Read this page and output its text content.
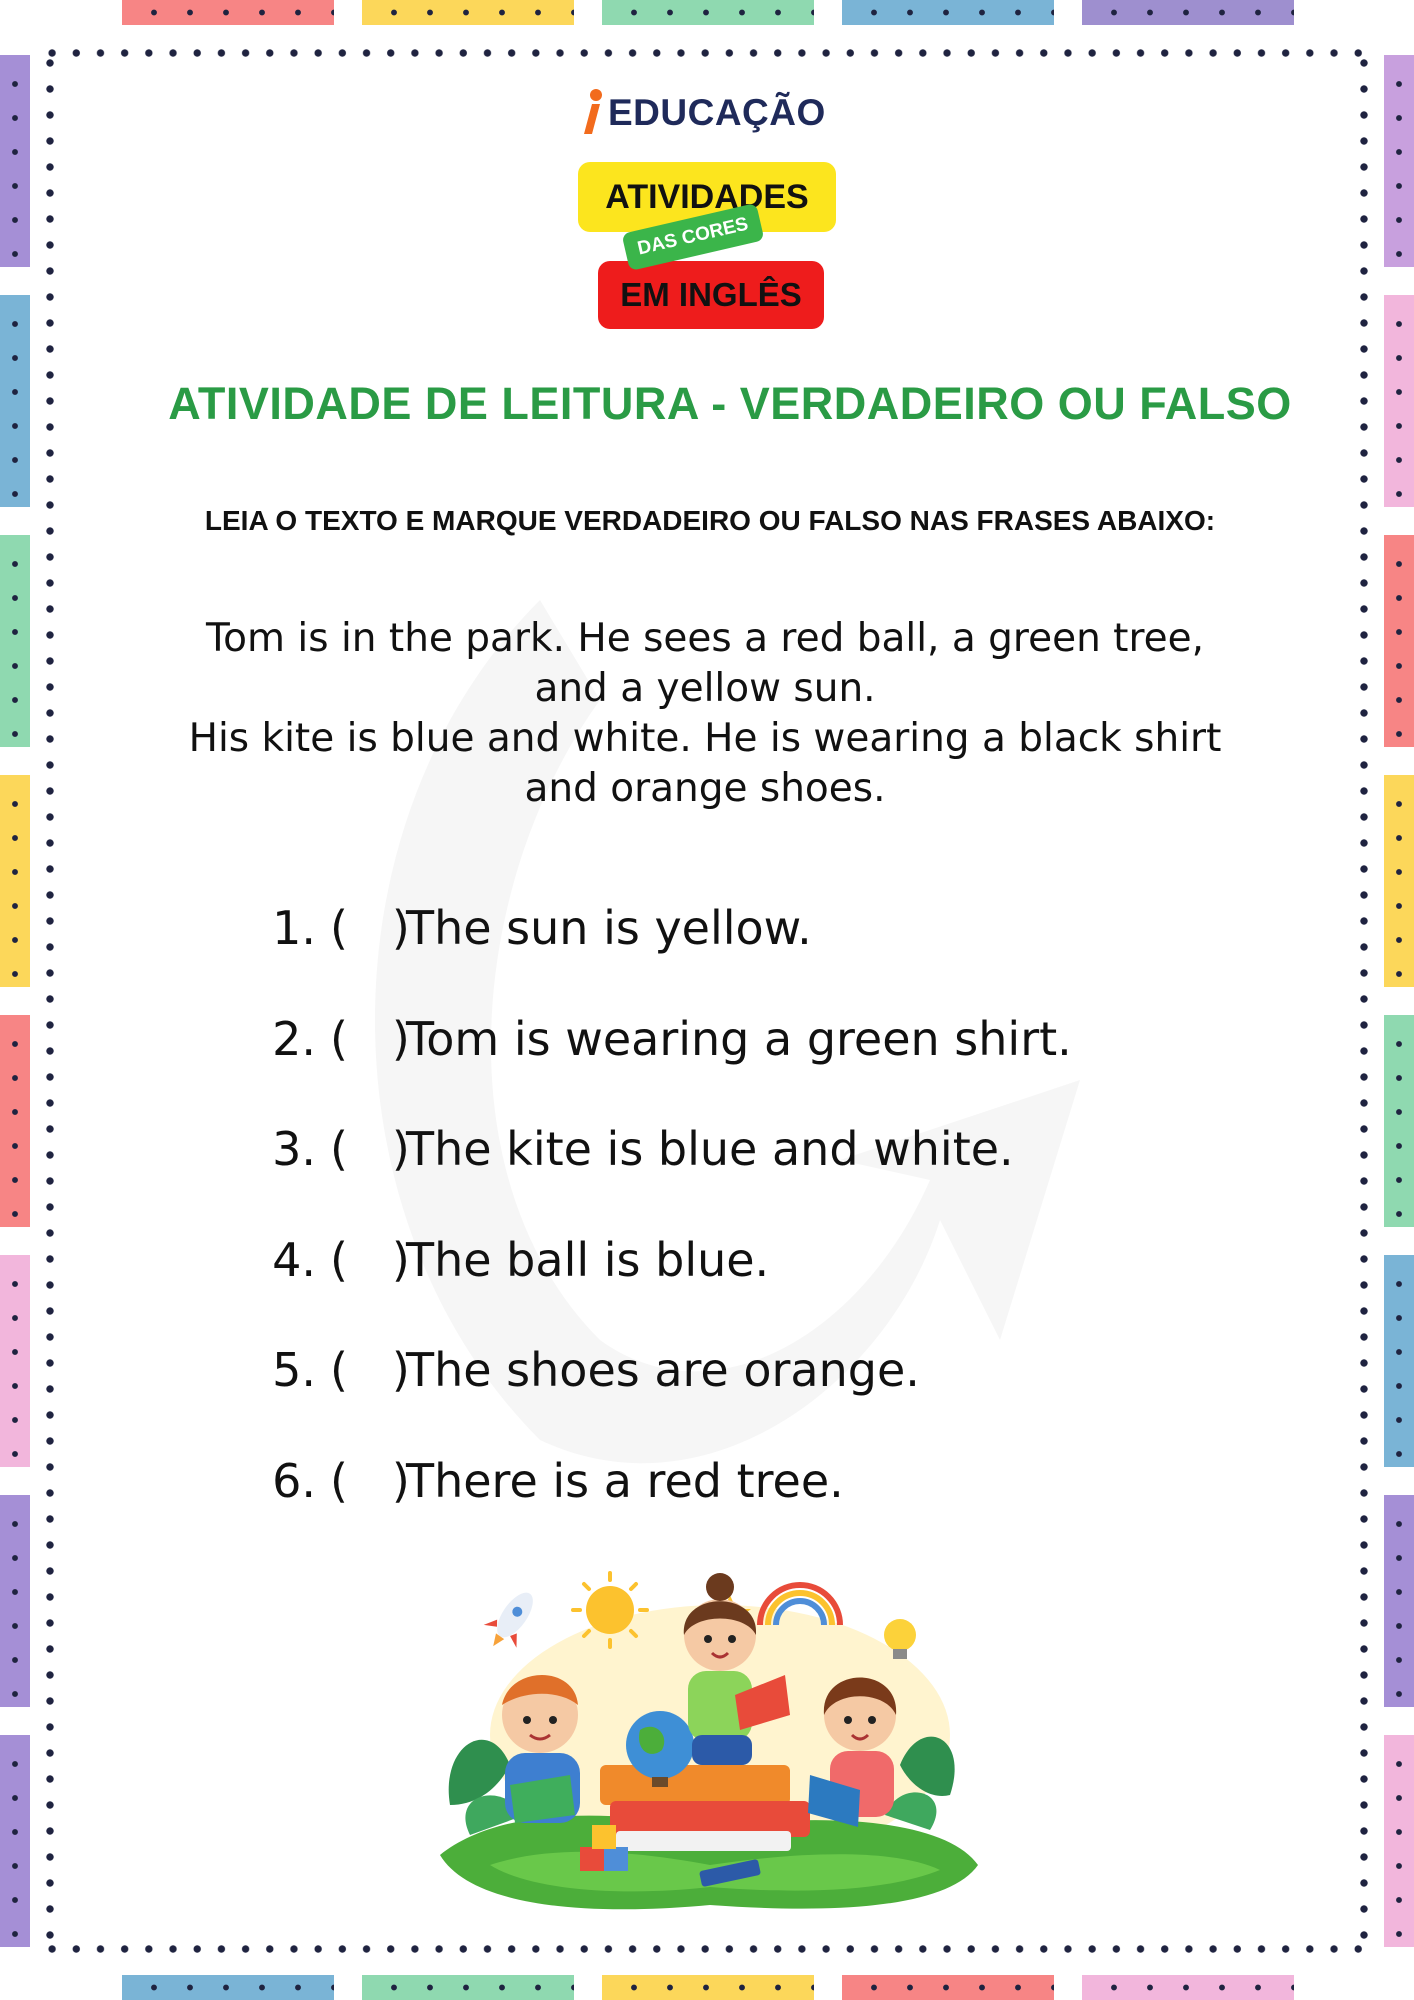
EDUCAÇÃO
ATIVIDADES
DAS CORES
EM INGLÊS
ATIVIDADE DE LEITURA - VERDADEIRO OU FALSO
LEIA O TEXTO E MARQUE VERDADEIRO OU FALSO NAS FRASES ABAIXO:
Tom is in the park. He sees a red ball, a green tree,
and a yellow sun.
His kite is blue and white. He is wearing a black shirt
and orange shoes.
1. (   )
The sun is yellow.
2. (   )
Tom is wearing a green shirt.
3. (   )
The kite is blue and white.
4. (   )
The ball is blue.
5. (   )
The shoes are orange.
6. (   )
There is a red tree.
